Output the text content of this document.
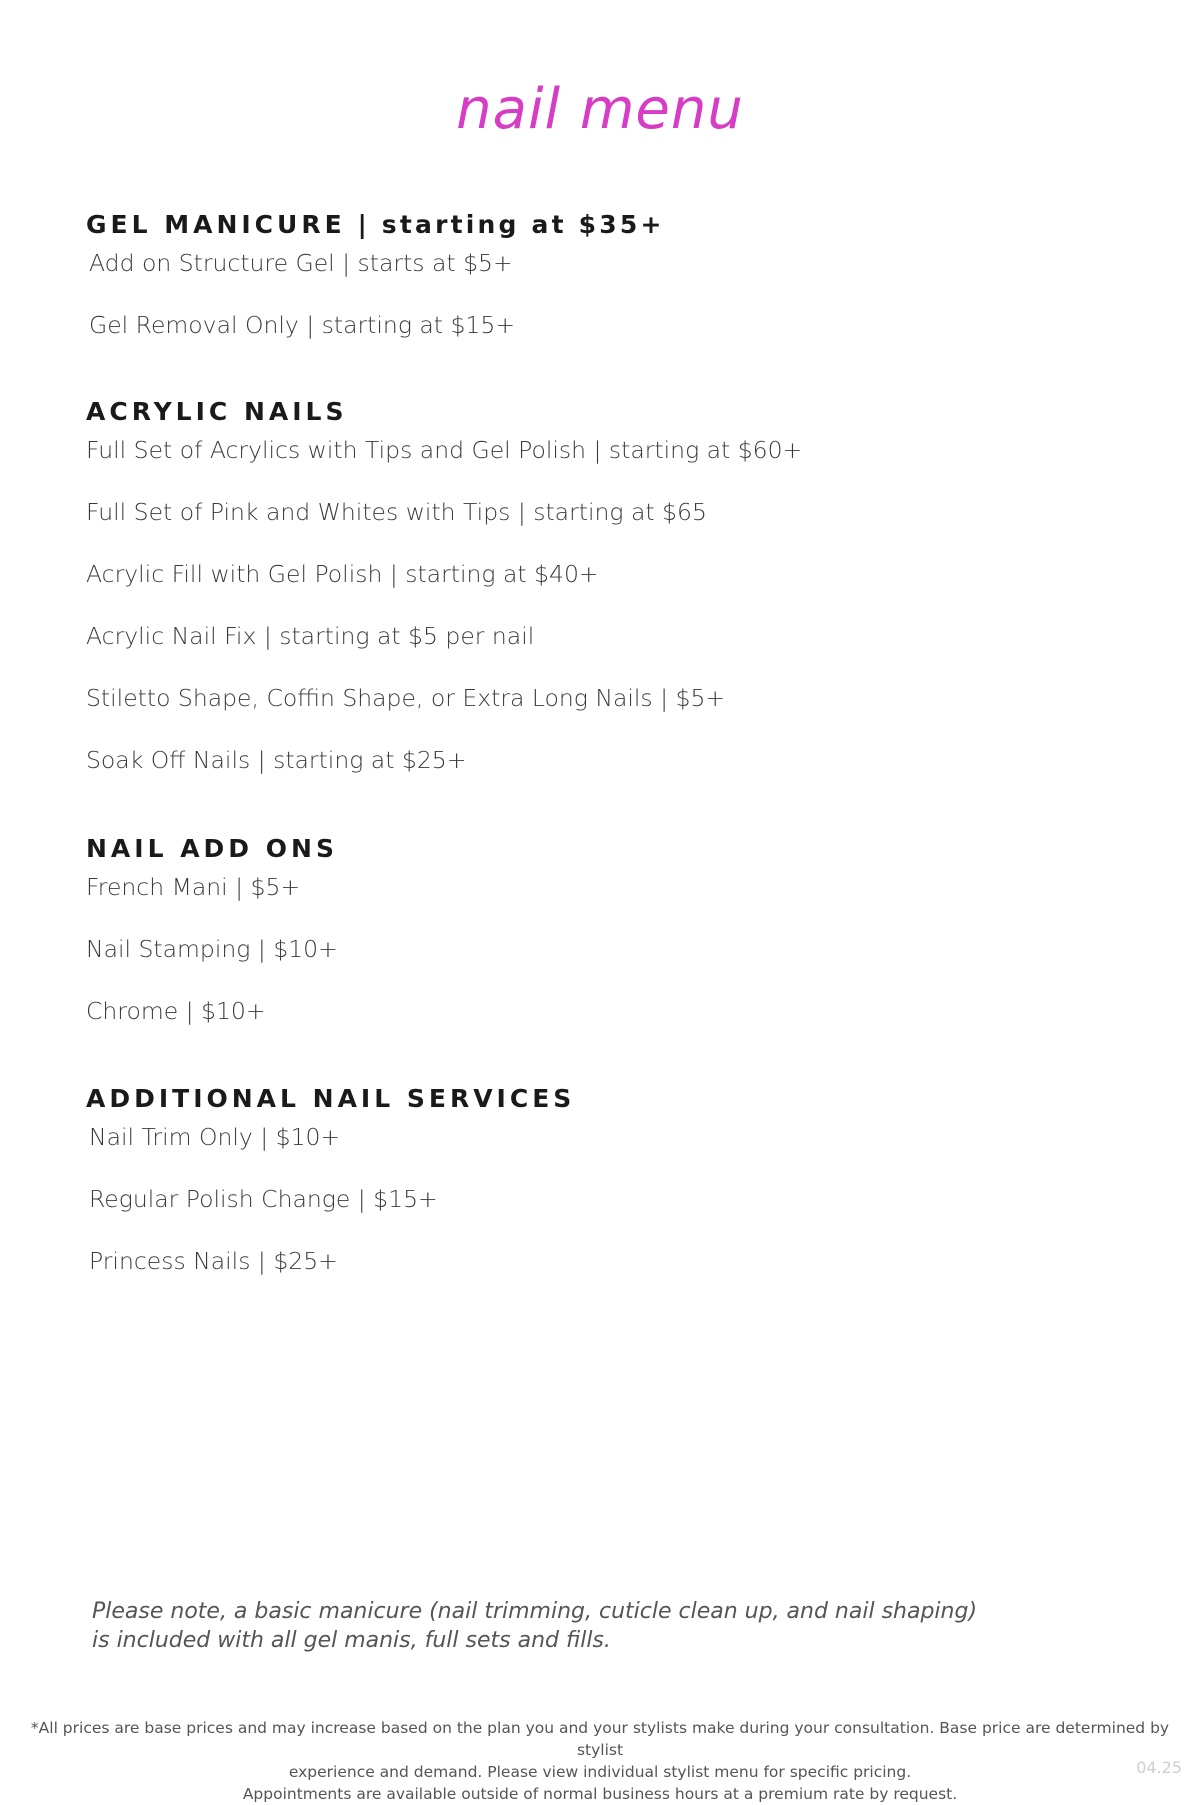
nail menu
GEL MANICURE | starting at $35+
Add on Structure Gel | starts at $5+
Gel Removal Only | starting at $15+
ACRYLIC NAILS
Full Set of Acrylics with Tips and Gel Polish | starting at $60+
Full Set of Pink and Whites with Tips | starting at $65
Acrylic Fill with Gel Polish | starting at $40+
Acrylic Nail Fix | starting at $5 per nail
Stiletto Shape, Coffin Shape, or Extra Long Nails | $5+
Soak Off Nails | starting at $25+
NAIL ADD ONS
French Mani | $5+
Nail Stamping | $10+
Chrome | $10+
ADDITIONAL NAIL SERVICES
Nail Trim Only | $10+
Regular Polish Change | $15+
Princess Nails | $25+
Please note, a basic manicure (nail trimming, cuticle clean up, and nail shaping)
is included with all gel manis, full sets and fills.
*All prices are base prices and may increase based on the plan you and your stylists make during your consultation. Base price are determined by stylist
experience and demand. Please view individual stylist menu for specific pricing.
Appointments are available outside of normal business hours at a premium rate by request.
04.25
